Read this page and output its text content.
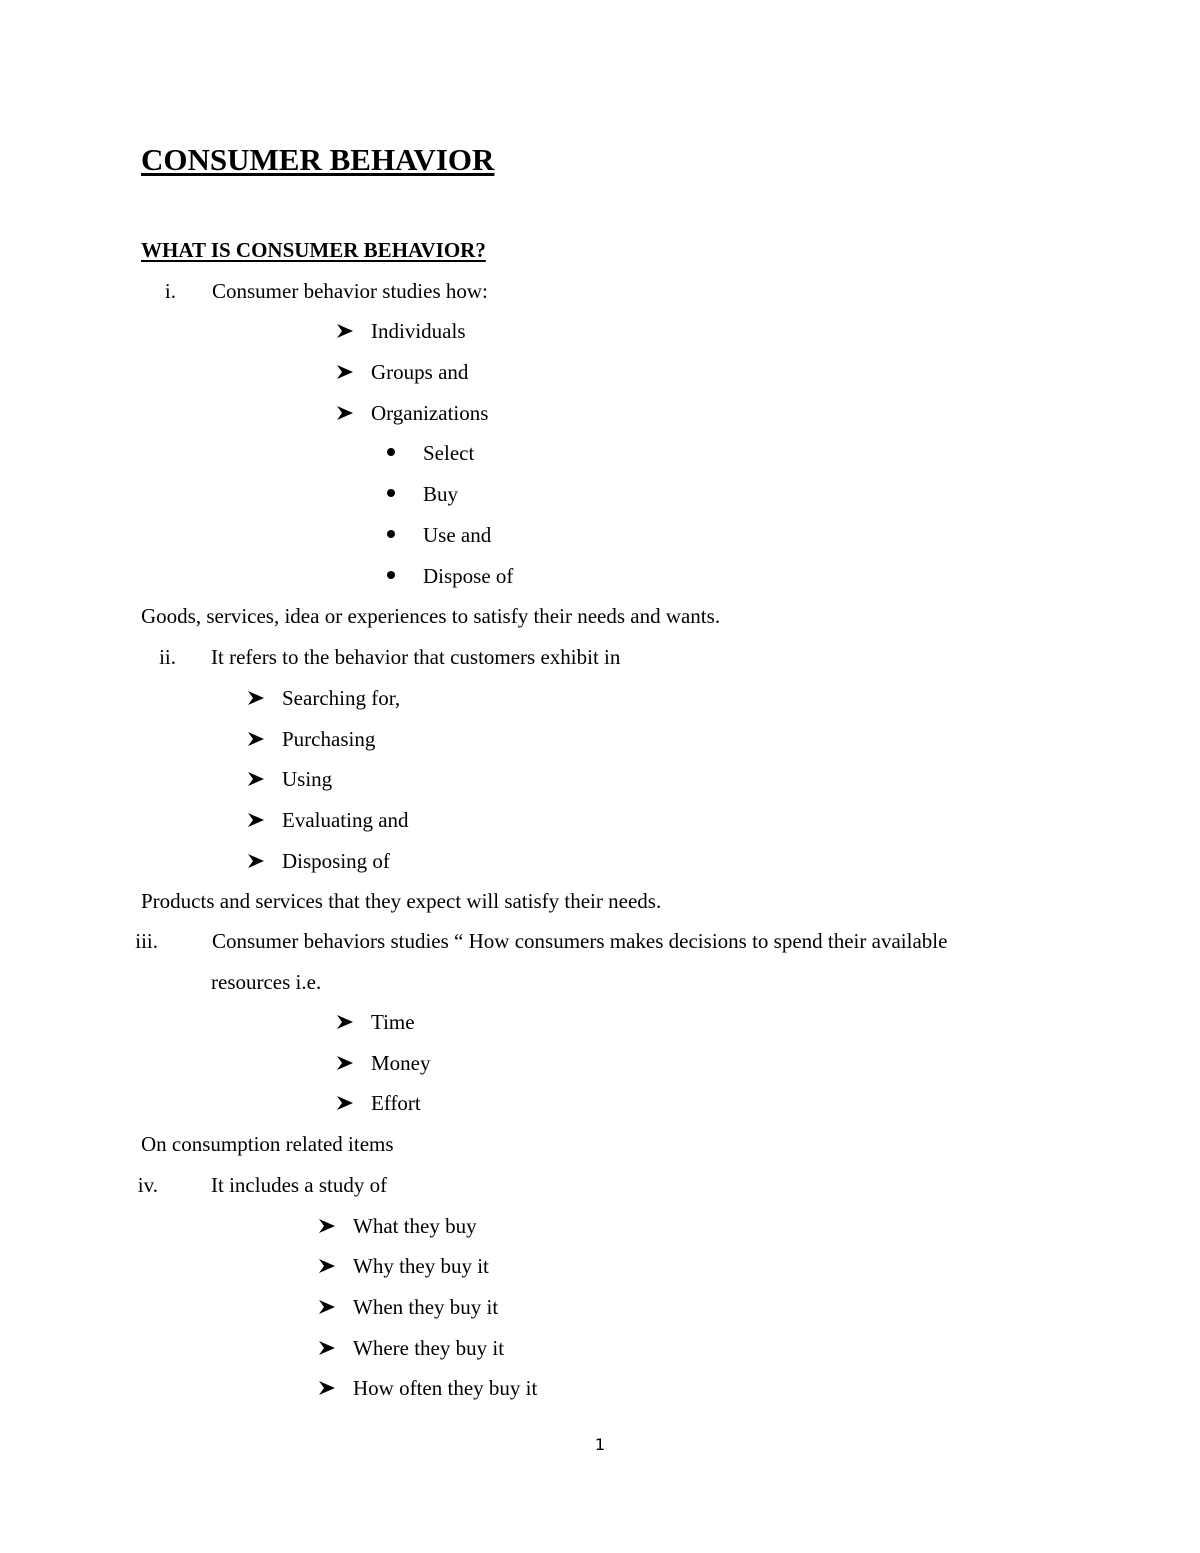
CONSUMER BEHAVIOR
WHAT IS CONSUMER BEHAVIOR?
i. Consumer behavior studies how:
Individuals
Groups and
Organizations
Select
Buy
Use and
Dispose of
Goods, services, idea or experiences to satisfy their needs and wants.
ii. It refers to the behavior that customers exhibit in
Searching for,
Purchasing
Using
Evaluating and
Disposing of
Products and services that they expect will satisfy their needs.
iii.	Consumer behaviors studies “ How consumers makes decisions to spend their available
resources i.e.
Time
Money
Effort
On consumption related items
iv.	It includes a study of
What they buy
Why they buy it
When they buy it
Where they buy it
How often they buy it
1
